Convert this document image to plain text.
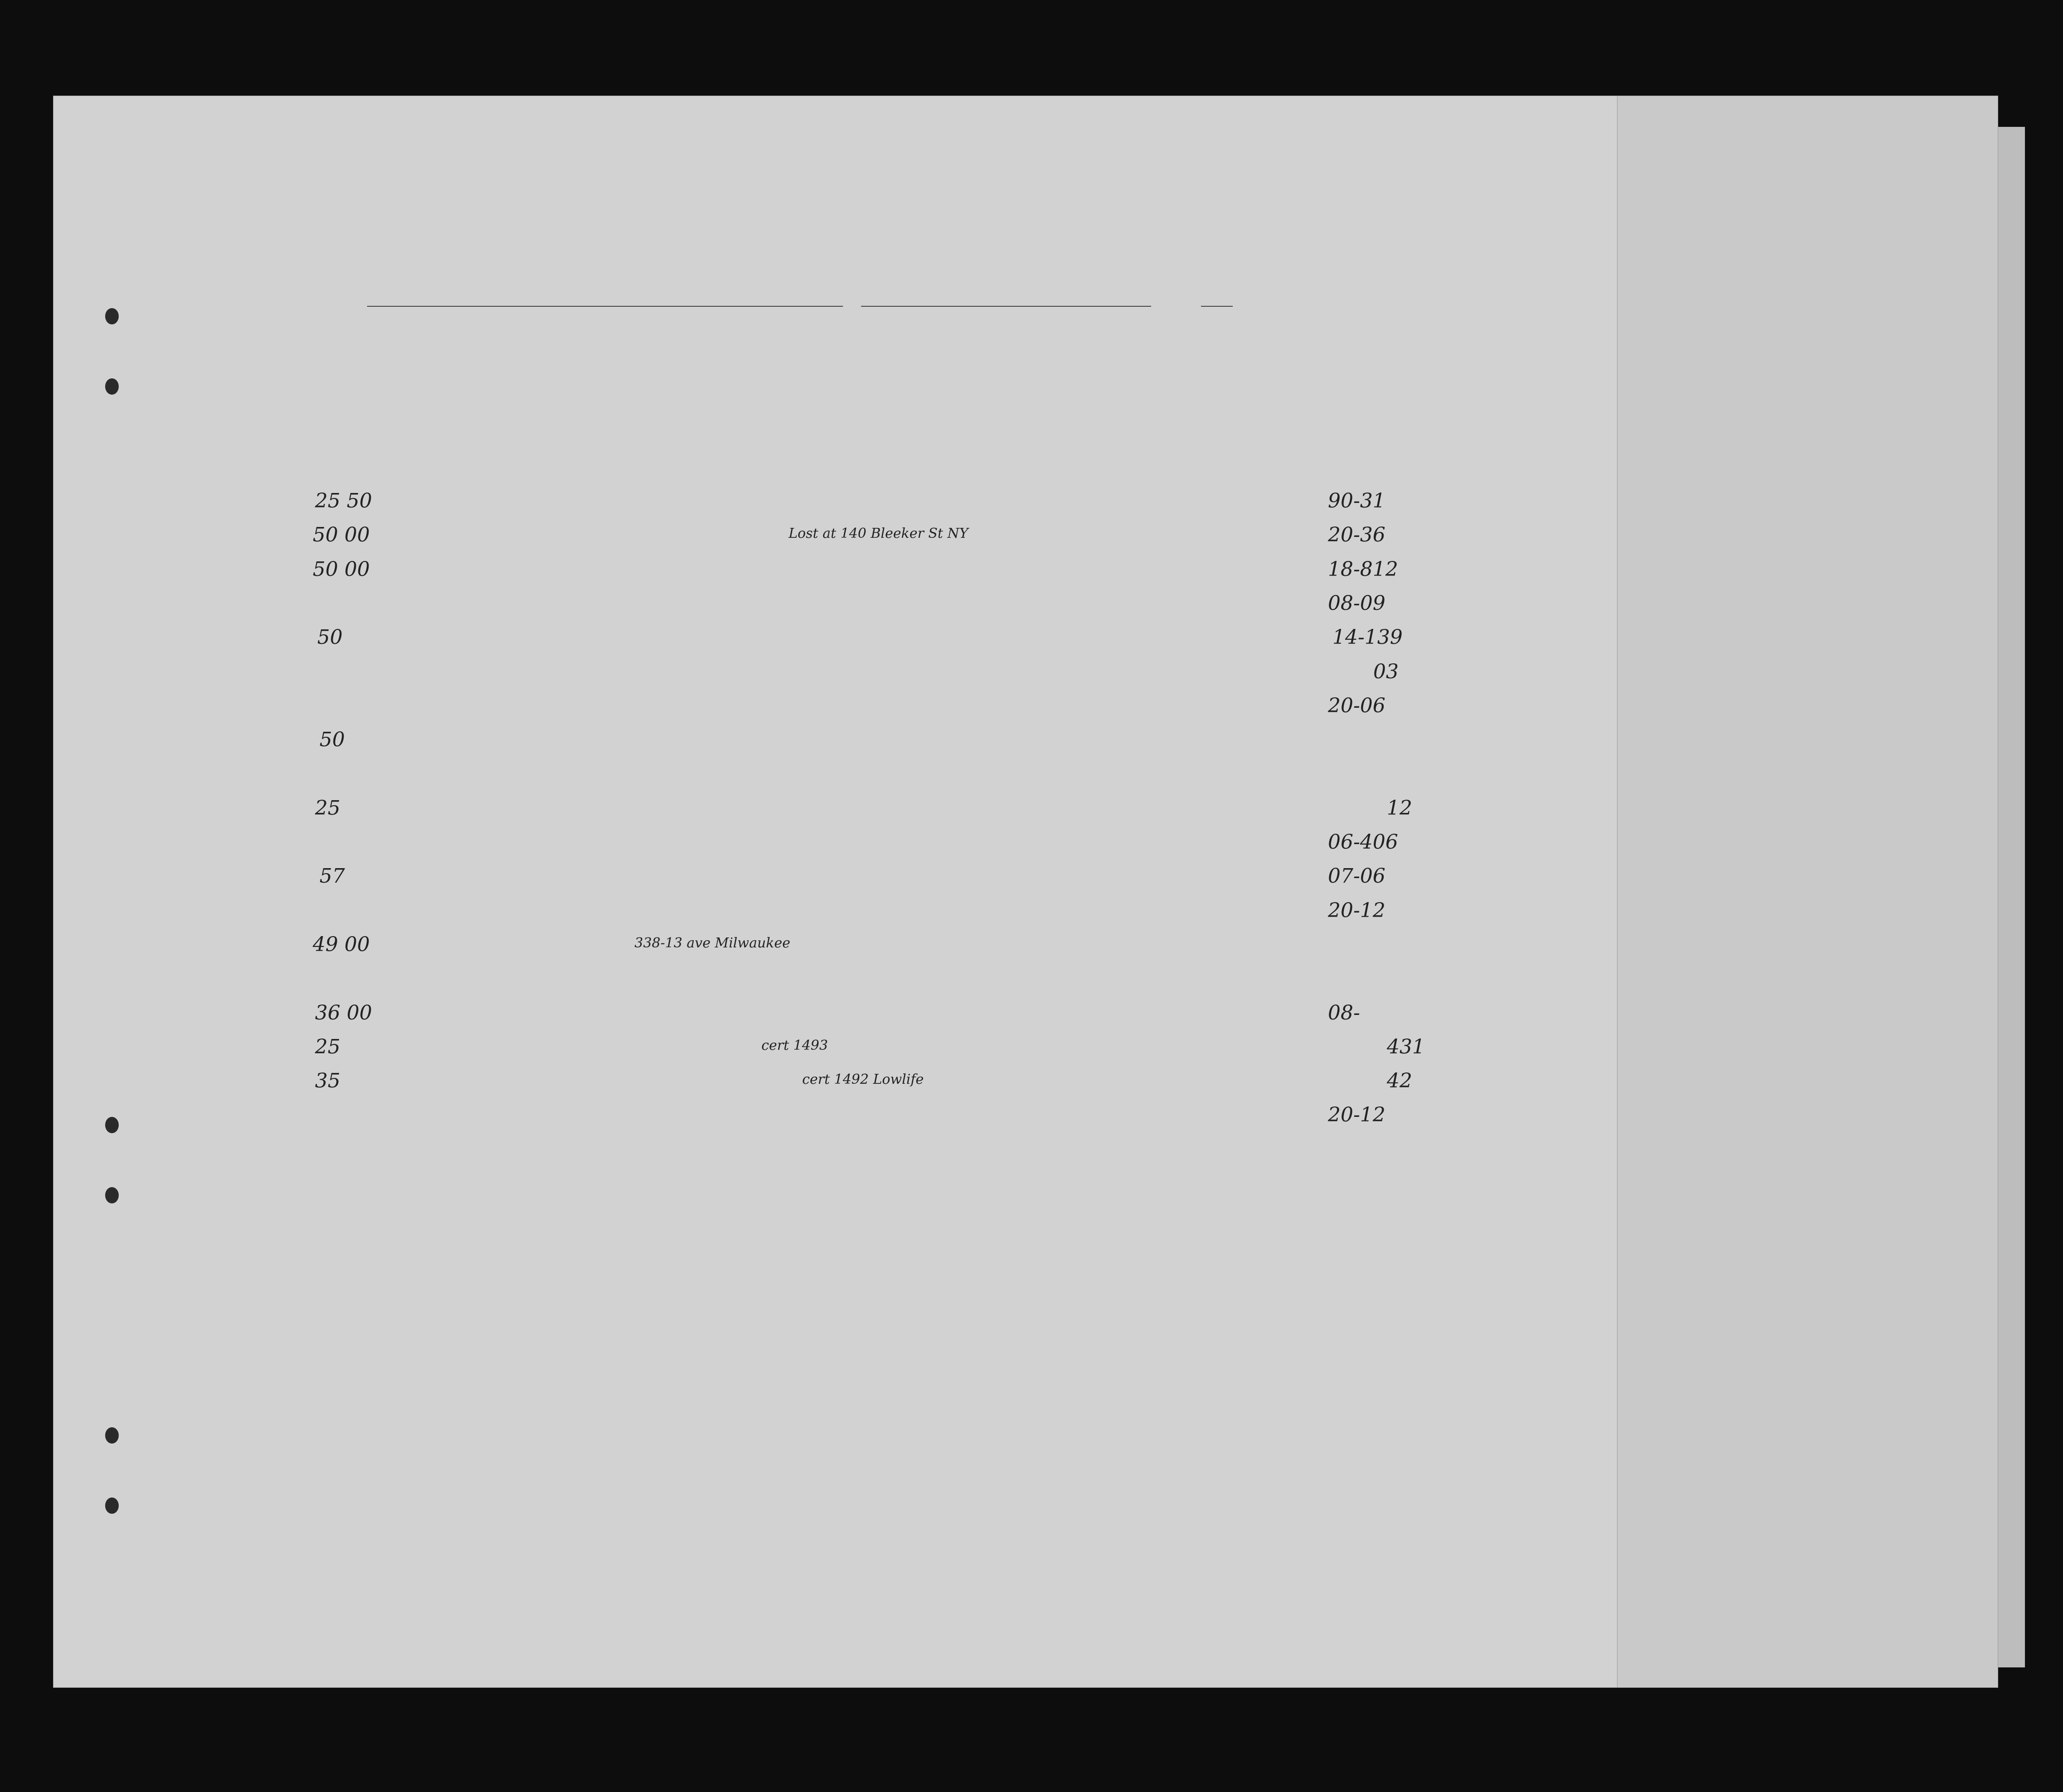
25 50
50 00
50 00
50
50
25
57
49 00
36 00
25
35
90-31
20-36
18-812
08-09
14-139
03
20-06
12
06-406
07-06
20-12
08-
431
42
20-12
Lost at 140 Bleeker St NY
338-13 ave Milwaukee
cert 1493
cert 1492 Lowlife
